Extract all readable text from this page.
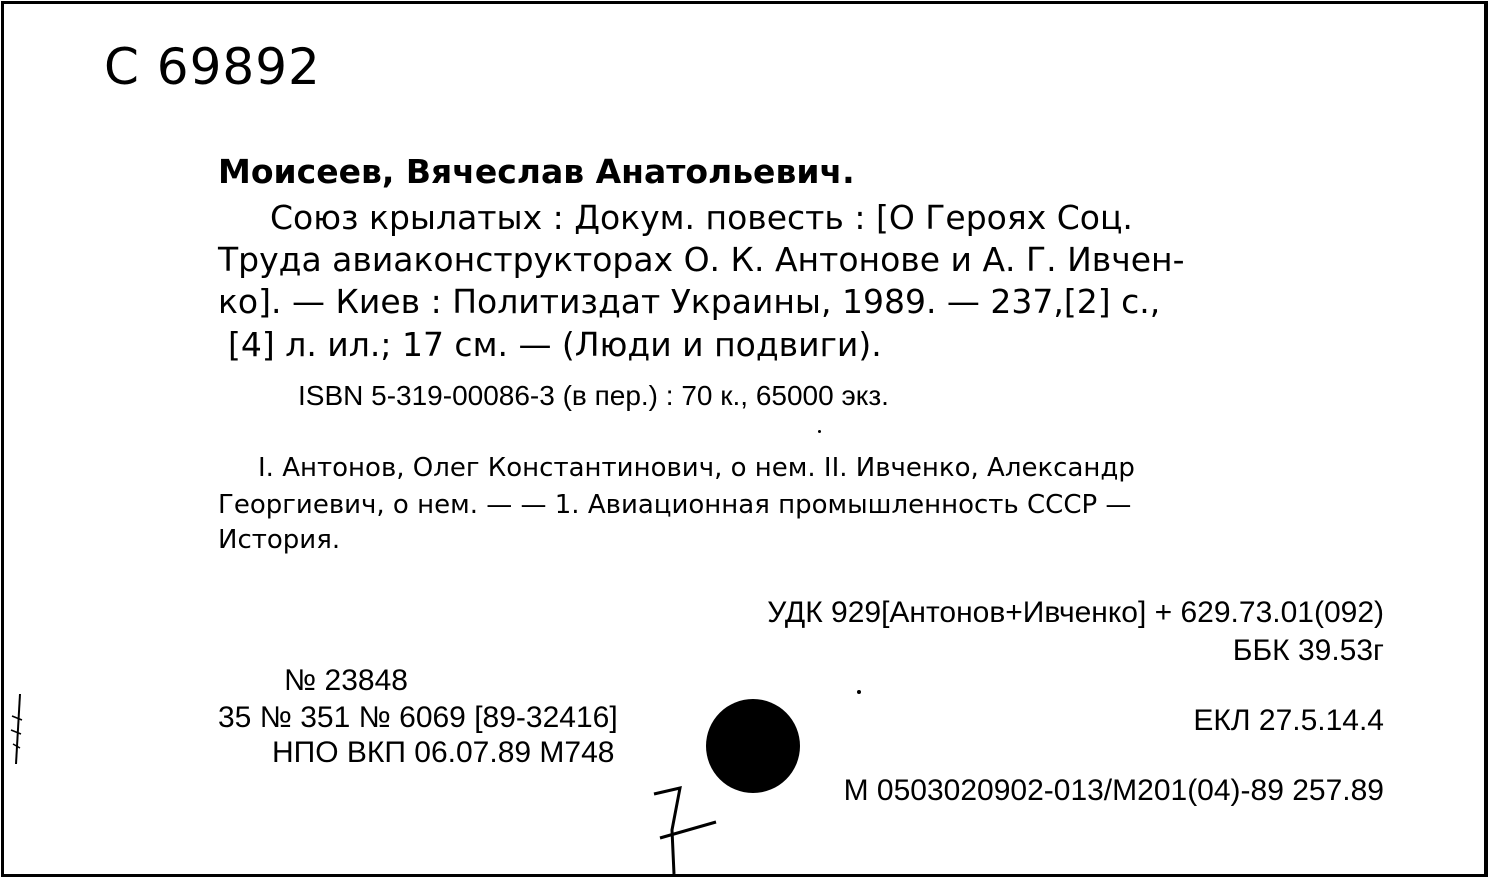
С 69892
Моисеев, Вячеслав Анатольевич.
Союз крылатых : Докум. повесть : [О Героях Соц.
Труда авиаконструкторах О. К. Антонове и А. Г. Ивчен-
ко]. — Киев : Политиздат Украины, 1989. — 237,[2] с.,
[4] л. ил.; 17 см. — (Люди и подвиги).
ISBN 5-319-00086-3 (в пер.) : 70 к., 65000 экз.
I. Антонов, Олег Константинович, о нем. II. Ивченко, Александр
Георгиевич, о нем. — — 1. Авиационная промышленность СССР —
История.
УДК 929[Антонов+Ивченко] + 629.73.01(092)
ББК 39.53г
№ 23848
35 № 351 № 6069 [89-32416]	ЕКЛ 27.5.14.4
НПО ВКП 06.07.89 М748
М 0503020902-013/М201(04)-89 257.89
